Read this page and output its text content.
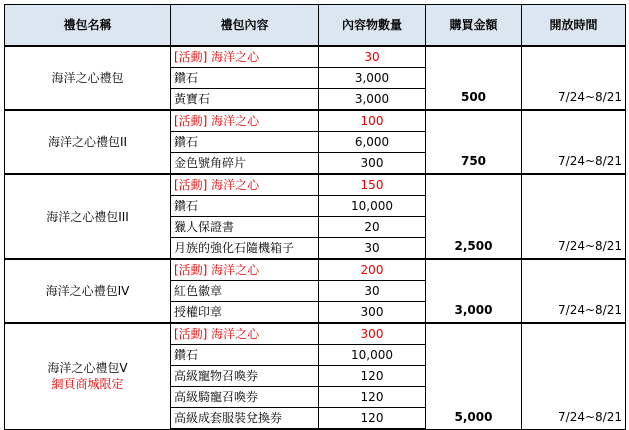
禮包名稱	禮包內容	內容物數量	購買金額	開放時間

海洋之心禮包	[活動] 海洋之心	30	500	7/24~8/21
	鑽石	3,000		
	黃寶石	3,000		

海洋之心禮包II	[活動] 海洋之心	100	750	7/24~8/21
	鑽石	6,000		
	金色號角碎片	300		

海洋之心禮包III	[活動] 海洋之心	150	2,500	7/24~8/21
	鑽石	10,000		
	獵人保證書	20		
	月族的強化石隨機箱子	30		

海洋之心禮包IV	[活動] 海洋之心	200	3,000	7/24~8/21
	紅色徽章	30		
	授權印章	300		

海洋之心禮包V
網頁商城限定	[活動] 海洋之心	300	5,000	7/24~8/21
	鑽石	10,000		
	高級寵物召喚券	120		
	高級騎寵召喚券	120		
	高級成套服裝兌換券	120		
